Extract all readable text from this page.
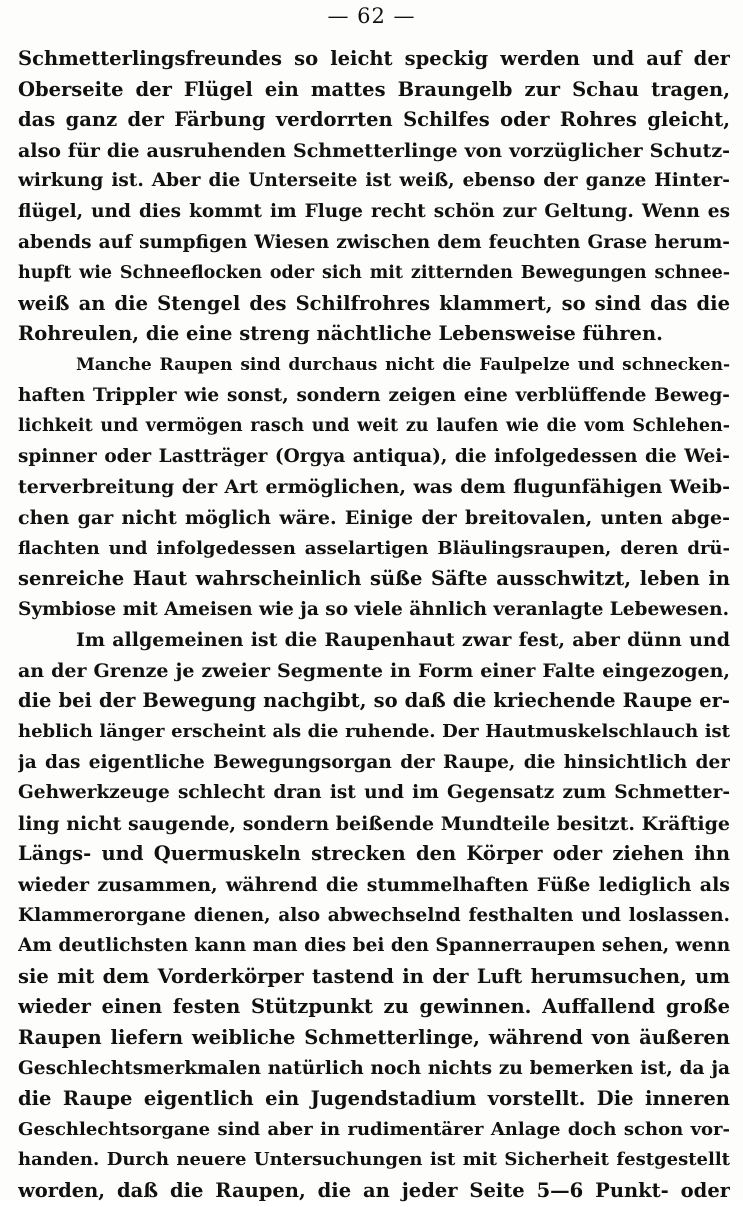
— 62 —
Schmetterlingsfreundes so leicht speckig werden und auf der
Oberseite der Flügel ein mattes Braungelb zur Schau tragen,
das ganz der Färbung verdorrten Schilfes oder Rohres gleicht,
also für die ausruhenden Schmetterlinge von vorzüglicher Schutz-
wirkung ist. Aber die Unterseite ist weiß, ebenso der ganze Hinter-
flügel, und dies kommt im Fluge recht schön zur Geltung. Wenn es
abends auf sumpfigen Wiesen zwischen dem feuchten Grase herum-
hupft wie Schneeflocken oder sich mit zitternden Bewegungen schnee-
weiß an die Stengel des Schilfrohres klammert, so sind das die
Rohreulen, die eine streng nächtliche Lebensweise führen.
Manche Raupen sind durchaus nicht die Faulpelze und schnecken-
haften Trippler wie sonst, sondern zeigen eine verblüffende Beweg-
lichkeit und vermögen rasch und weit zu laufen wie die vom Schlehen-
spinner oder Lastträger (Orgya antiqua), die infolgedessen die Wei-
terverbreitung der Art ermöglichen, was dem flugunfähigen Weib-
chen gar nicht möglich wäre. Einige der breitovalen, unten abge-
flachten und infolgedessen asselartigen Bläulingsraupen, deren drü-
senreiche Haut wahrscheinlich süße Säfte ausschwitzt, leben in
Symbiose mit Ameisen wie ja so viele ähnlich veranlagte Lebewesen.
Im allgemeinen ist die Raupenhaut zwar fest, aber dünn und
an der Grenze je zweier Segmente in Form einer Falte eingezogen,
die bei der Bewegung nachgibt, so daß die kriechende Raupe er-
heblich länger erscheint als die ruhende. Der Hautmuskelschlauch ist
ja das eigentliche Bewegungsorgan der Raupe, die hinsichtlich der
Gehwerkzeuge schlecht dran ist und im Gegensatz zum Schmetter-
ling nicht saugende, sondern beißende Mundteile besitzt. Kräftige
Längs- und Quermuskeln strecken den Körper oder ziehen ihn
wieder zusammen, während die stummelhaften Füße lediglich als
Klammerorgane dienen, also abwechselnd festhalten und loslassen.
Am deutlichsten kann man dies bei den Spannerraupen sehen, wenn
sie mit dem Vorderkörper tastend in der Luft herumsuchen, um
wieder einen festen Stützpunkt zu gewinnen. Auffallend große
Raupen liefern weibliche Schmetterlinge, während von äußeren
Geschlechtsmerkmalen natürlich noch nichts zu bemerken ist, da ja
die Raupe eigentlich ein Jugendstadium vorstellt. Die inneren
Geschlechtsorgane sind aber in rudimentärer Anlage doch schon vor-
handen. Durch neuere Untersuchungen ist mit Sicherheit festgestellt
worden, daß die Raupen, die an jeder Seite 5—6 Punkt- oder
